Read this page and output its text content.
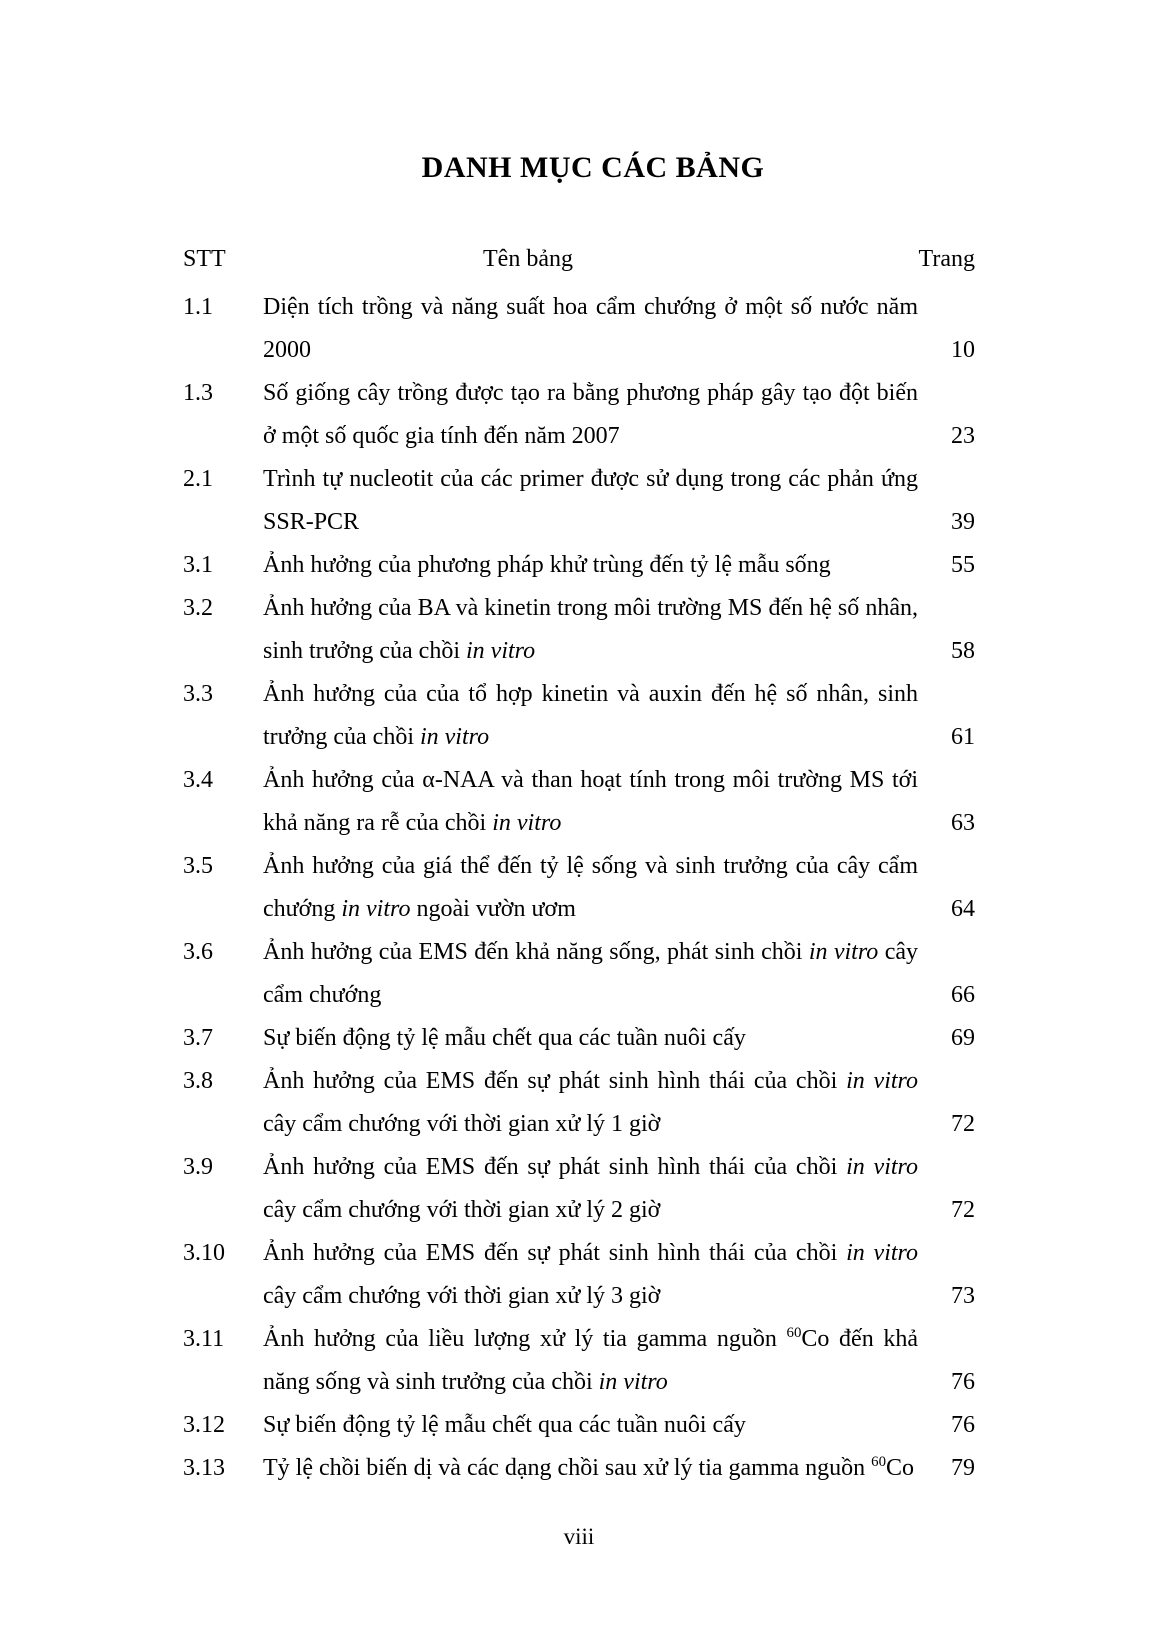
DANH MỤC CÁC BẢNG
STT	Tên bảng	Trang
1.1	Diện tích trồng và năng suất hoa cẩm chướng ở một số nước năm 2000	10
1.3	Số giống cây trồng được tạo ra bằng phương pháp gây tạo đột biến ở một số quốc gia tính đến năm 2007	23
2.1	Trình tự nucleotit của các primer được sử dụng trong các phản ứng SSR-PCR	39
3.1	Ảnh hưởng của phương pháp khử trùng đến tỷ lệ mẫu sống	55
3.2	Ảnh hưởng của BA và kinetin trong môi trường MS đến hệ số nhân, sinh trưởng của chồi in vitro	58
3.3	Ảnh hưởng của của tổ hợp kinetin và auxin đến hệ số nhân, sinh trưởng của chồi in vitro	61
3.4	Ảnh hưởng của α-NAA và than hoạt tính trong môi trường MS tới khả năng ra rễ của chồi in vitro	63
3.5	Ảnh hưởng của giá thể đến tỷ lệ sống và sinh trưởng của cây cẩm chướng in vitro ngoài vườn ươm	64
3.6	Ảnh hưởng của EMS đến khả năng sống, phát sinh chồi in vitro cây cẩm chướng	66
3.7	Sự biến động tỷ lệ mẫu chết qua các tuần nuôi cấy	69
3.8	Ảnh hưởng của EMS đến sự phát sinh hình thái của chồi in vitro cây cẩm chướng với thời gian xử lý 1 giờ	72
3.9	Ảnh hưởng của EMS đến sự phát sinh hình thái của chồi in vitro cây cẩm chướng với thời gian xử lý 2 giờ	72
3.10	Ảnh hưởng của EMS đến sự phát sinh hình thái của chồi in vitro cây cẩm chướng với thời gian xử lý 3 giờ	73
3.11	Ảnh hưởng của liều lượng xử lý tia gamma nguồn $^{60}$Co đến khả năng sống và sinh trưởng của chồi in vitro	76
3.12	Sự biến động tỷ lệ mẫu chết qua các tuần nuôi cấy	76
3.13	Tỷ lệ chồi biến dị và các dạng chồi sau xử lý tia gamma nguồn $^{60}$Co	79
viii
